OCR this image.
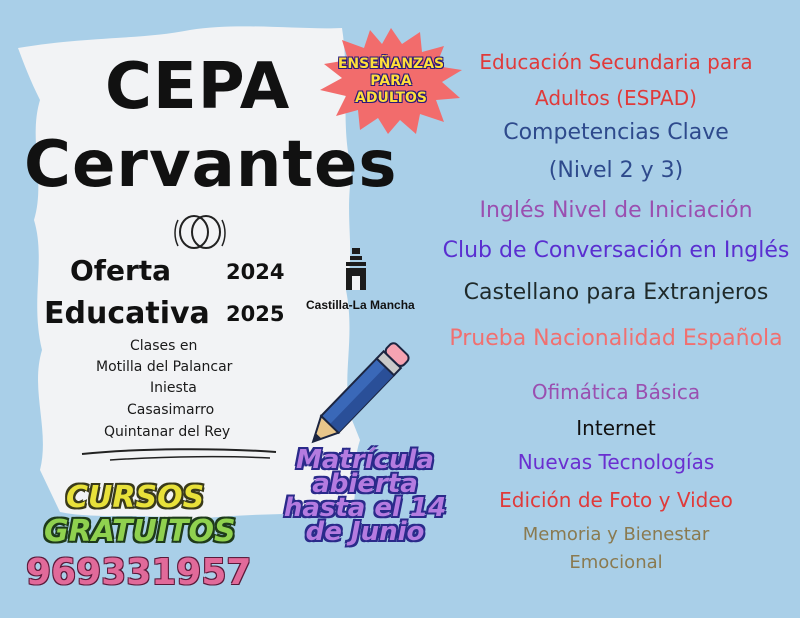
CEPA
Cervantes
Oferta	2024
Educativa 2025
Clases en
Motilla del Palancar
Iniesta
Casasimarro
Quintanar del Rey
ENSEÑANZAS
PARA
ADULTOS
Castilla-La Mancha
Matrícula
abierta
hasta el 14
de Junio
CURSOS
GRATUITOS
969331957
Educación Secundaria para
Adultos (ESPAD)
Competencias Clave
(Nivel 2 y 3)
Inglés Nivel de Iniciación
Club de Conversación en Inglés
Castellano para Extranjeros
Prueba Nacionalidad Española
Ofimática Básica
Internet
Nuevas Tecnologías
Edición de Foto y Video
Memoria y Bienestar
Emocional
